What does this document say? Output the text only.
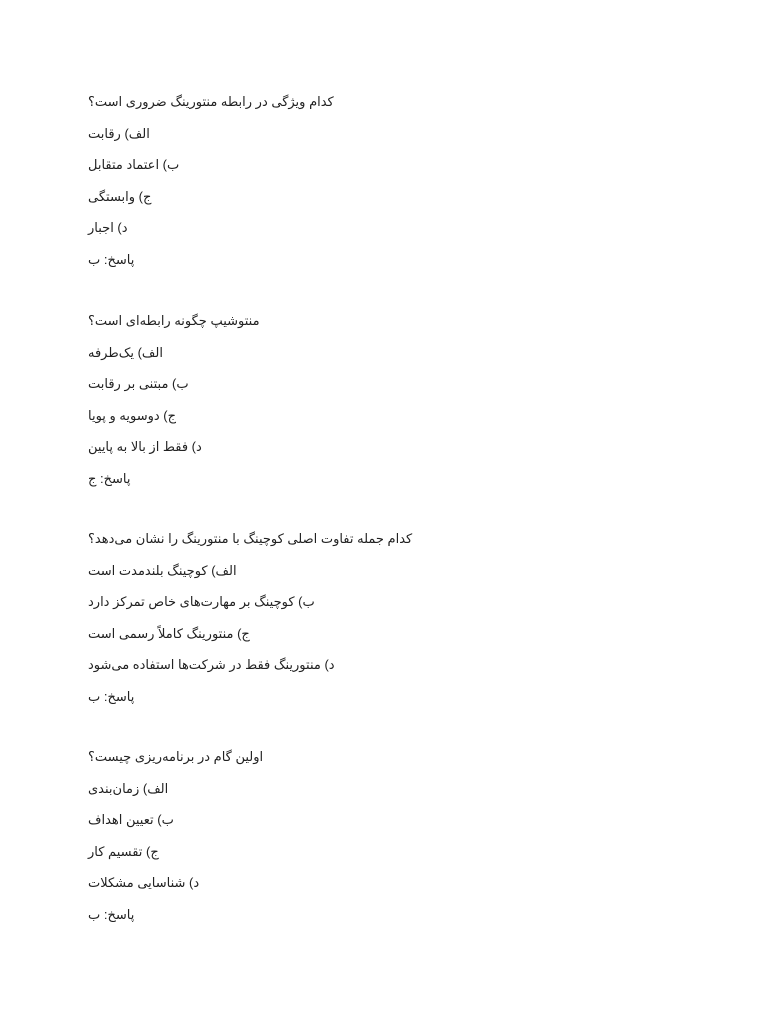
کدام ویژگی در رابطه منتورینگ ضروری است؟
الف) رقابت
ب) اعتماد متقابل
ج) وابستگی
د) اجبار
پاسخ: ب
منتوشیپ چگونه رابطه‌ای است؟
الف) یک‌طرفه
ب) مبتنی بر رقابت
ج) دوسویه و پویا
د) فقط از بالا به پایین
پاسخ: ج
کدام جمله تفاوت اصلی کوچینگ با منتورینگ را نشان می‌دهد؟
الف) کوچینگ بلندمدت است
ب) کوچینگ بر مهارت‌های خاص تمرکز دارد
ج) منتورینگ کاملاً رسمی است
د) منتورینگ فقط در شرکت‌ها استفاده می‌شود
پاسخ: ب
اولین گام در برنامه‌ریزی چیست؟
الف) زمان‌بندی
ب) تعیین اهداف
ج) تقسیم کار
د) شناسایی مشکلات
پاسخ: ب
